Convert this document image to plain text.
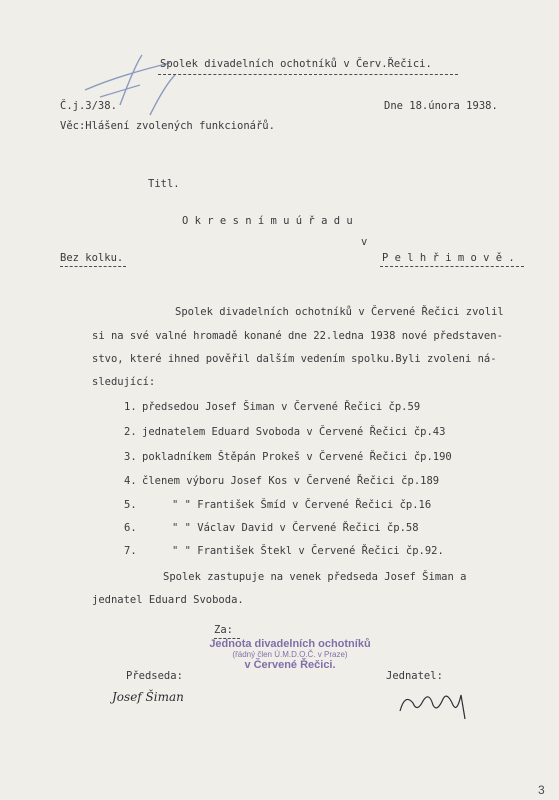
Spolek divadelních ochotníků v Červ.Řečici.
Č.j.3/38.	Dne 18.února 1938.
Věc:Hlášení zvolených funkcionářů.
Titl.
O k r e s n í m u ú ř a d u
v
Bez kolku.	P e l h ř i m o v ě .
Spolek divadelních ochotníků v Červené Řečici zvolil
si na své valné hromadě konané dne 22.ledna 1938 nové představen-
stvo, které ihned pověřil dalším vedením spolku.Byli zvoleni ná-
sledující:
1. předsedou Josef Šiman v Červené Řečici čp.59
2. jednatelem Eduard Svoboda v Červené Řečici čp.43
3. pokladníkem Štěpán Prokeš v Červené Řečici čp.190
4. členem výboru Josef Kos v Červené Řečici čp.189
5.	" " František Šmíd v Červené Řečici čp.16
6.	" " Václav David v Červené Řečici čp.58
7.	" " František Štekl v Červené Řečici čp.92.
Spolek zastupuje na venek předseda Josef Šiman a
jednatel Eduard Svoboda.
Za:
Jednota divadelních ochotníků
(řádný člen Ú.M.D.O.Č. v Praze)
v Červené Řečici.
Předseda:	Jednatel:
Josef Šiman
3
